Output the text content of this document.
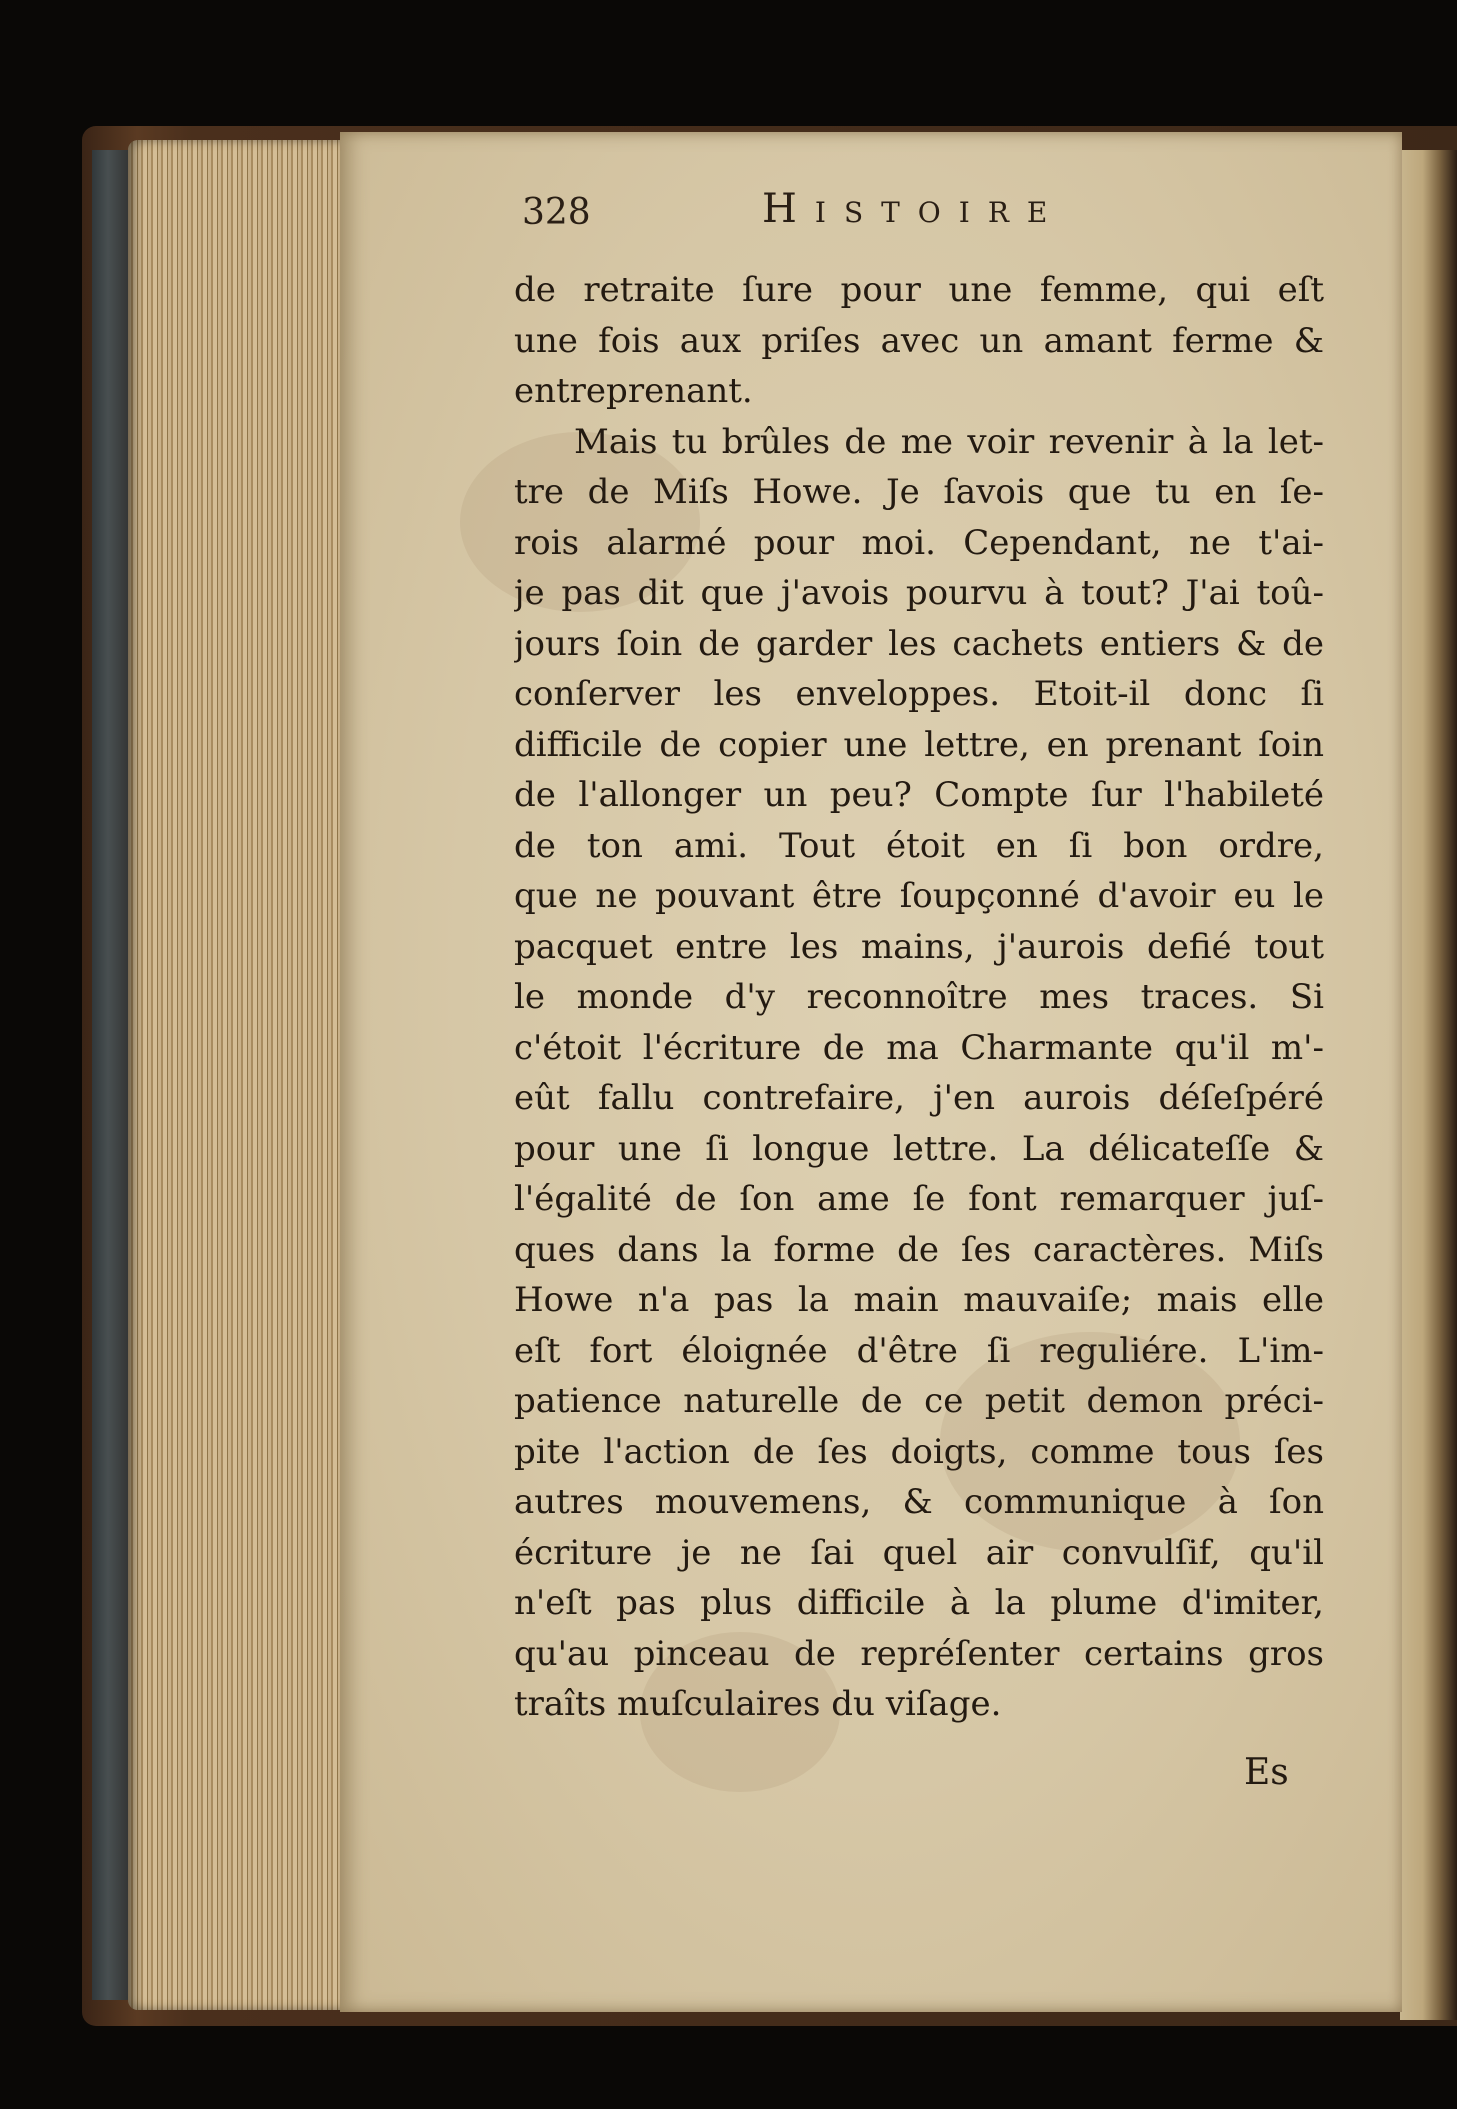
328	Histoire
de retraite ſure pour une femme, qui eſt
une fois aux priſes avec un amant ferme &
entreprenant.
Mais tu brûles de me voir revenir à la let-
tre de Miſs Howe. Je ſavois que tu en ſe-
rois alarmé pour moi. Cependant, ne t'ai-
je pas dit que j'avois pourvu à tout? J'ai toû-
jours ſoin de garder les cachets entiers & de
conſerver les enveloppes. Etoit-il donc ſi
difficile de copier une lettre, en prenant ſoin
de l'allonger un peu? Compte ſur l'habileté
de ton ami. Tout étoit en ſi bon ordre,
que ne pouvant être ſoupçonné d'avoir eu le
pacquet entre les mains, j'aurois defié tout
le monde d'y reconnoître mes traces. Si
c'étoit l'écriture de ma Charmante qu'il m'-
eût fallu contrefaire, j'en aurois déſeſpéré
pour une ſi longue lettre. La délicateſſe &
l'égalité de ſon ame ſe font remarquer juſ-
ques dans la forme de ſes caractères. Miſs
Howe n'a pas la main mauvaiſe; mais elle
eſt fort éloignée d'être ſi reguliére. L'im-
patience naturelle de ce petit demon préci-
pite l'action de ſes doigts, comme tous ſes
autres mouvemens, & communique à ſon
écriture je ne ſai quel air convulſif, qu'il
n'eſt pas plus difficile à la plume d'imiter,
qu'au pinceau de repréſenter certains gros
traîts muſculaires du viſage.
Es
